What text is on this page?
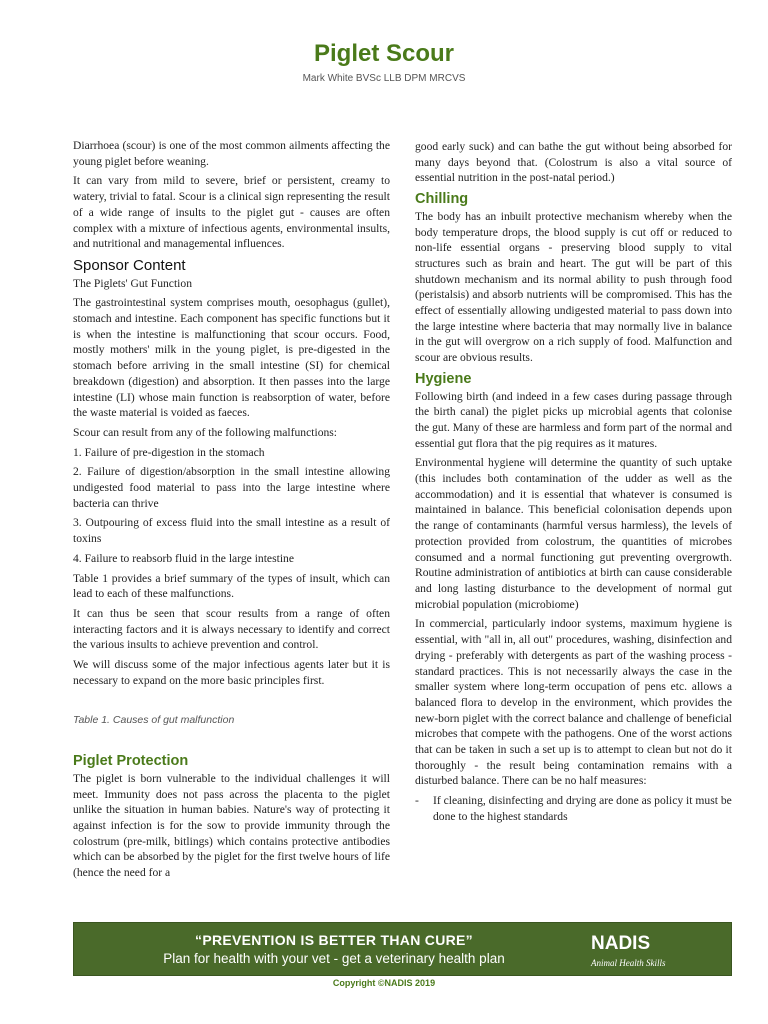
Piglet Scour
Mark White BVSc LLB DPM MRCVS

Diarrhoea (scour) is one of the most common ailments affecting the young piglet before weaning.

It can vary from mild to severe, brief or persistent, creamy to watery, trivial to fatal. Scour is a clinical sign representing the result of a wide range of insults to the piglet gut - causes are often complex with a mixture of infectious agents, environmental insults, and nutritional and managemental influences.

Sponsor Content

The Piglets' Gut Function

The gastrointestinal system comprises mouth, oesophagus (gullet), stomach and intestine. Each component has specific functions but it is when the intestine is malfunctioning that scour occurs. Food, mostly mothers' milk in the young piglet, is pre-digested in the stomach before arriving in the small intestine (SI) for chemical breakdown (digestion) and absorption. It then passes into the large intestine (LI) whose main function is reabsorption of water, before the waste material is voided as faeces.

Scour can result from any of the following malfunctions:

1. Failure of pre-digestion in the stomach

2. Failure of digestion/absorption in the small intestine allowing undigested food material to pass into the large intestine where bacteria can thrive

3. Outpouring of excess fluid into the small intestine as a result of toxins

4. Failure to reabsorb fluid in the large intestine

Table 1 provides a brief summary of the types of insult, which can lead to each of these malfunctions.

It can thus be seen that scour results from a range of often interacting factors and it is always necessary to identify and correct the various insults to achieve prevention and control.

We will discuss some of the major infectious agents later but it is necessary to expand on the more basic principles first.

Table 1. Causes of gut malfunction
Piglet Protection

The piglet is born vulnerable to the individual challenges it will meet. Immunity does not pass across the placenta to the piglet unlike the situation in human babies. Nature's way of protecting it against infection is for the sow to provide immunity through the colostrum (pre-milk, bitlings) which contains protective antibodies which can be absorbed by the piglet for the first twelve hours of life (hence the need for a

good early suck) and can bathe the gut without being absorbed for many days beyond that. (Colostrum is also a vital source of essential nutrition in the post-natal period.)

Chilling

The body has an inbuilt protective mechanism whereby when the body temperature drops, the blood supply is cut off or reduced to non-life essential organs - preserving blood supply to vital structures such as brain and heart. The gut will be part of this shutdown mechanism and its normal ability to push through food (peristalsis) and absorb nutrients will be compromised. This has the effect of essentially allowing undigested material to pass down into the large intestine where bacteria that may normally live in balance in the gut will overgrow on a rich supply of food. Malfunction and scour are obvious results.

Hygiene

Following birth (and indeed in a few cases during passage through the birth canal) the piglet picks up microbial agents that colonise the gut. Many of these are harmless and form part of the normal and essential gut flora that the pig requires as it matures.

Environmental hygiene will determine the quantity of such uptake (this includes both contamination of the udder as well as the accommodation) and it is essential that whatever is consumed is maintained in balance. This beneficial colonisation depends upon the range of contaminants (harmful versus harmless), the levels of protection provided from colostrum, the quantities of microbes consumed and a normal functioning gut preventing overgrowth. Routine administration of antibiotics at birth can cause considerable and long lasting disturbance to the development of normal gut microbial population (microbiome)

In commercial, particularly indoor systems, maximum hygiene is essential, with "all in, all out" procedures, washing, disinfection and drying - preferably with detergents as part of the washing process - standard practices. This is not necessarily always the case in the smaller system where long-term occupation of pens etc. allows a balanced flora to develop in the environment, which provides the new-born piglet with the correct balance and challenge of beneficial microbes that compete with the pathogens. One of the worst actions that can be taken in such a set up is to attempt to clean but not do it thoroughly - the result being contamination remains with a disturbed balance. There can be no half measures:

-	If cleaning, disinfecting and drying are done as policy it must be done to the highest standards
“PREVENTION IS BETTER THAN CURE”
Plan for health with your vet - get a veterinary health plan
NADIS
Animal Health Skills
Copyright ©NADIS 2019
